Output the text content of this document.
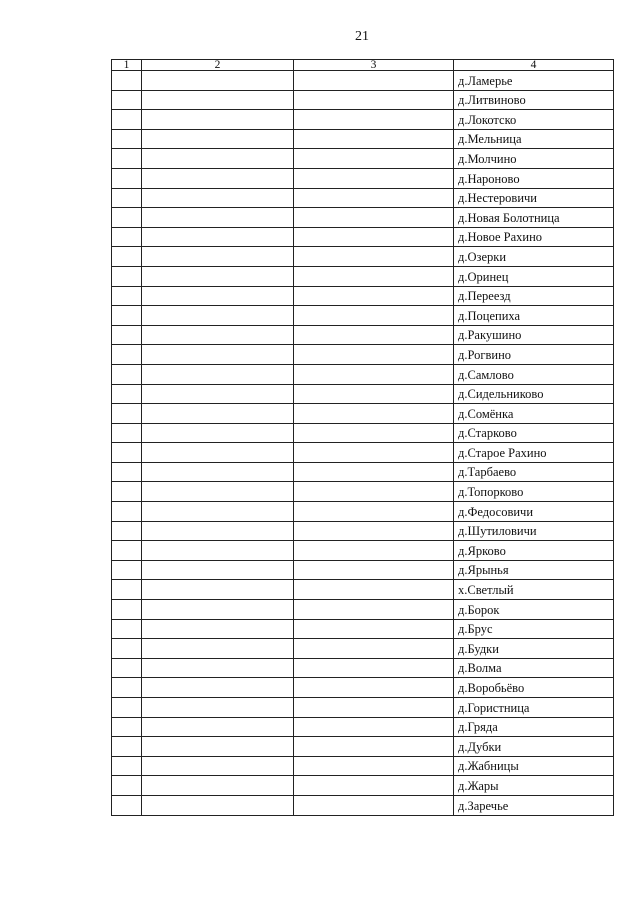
21
1	2	3	4
			д.Ламерье
			д.Литвиново
			д.Локотско
			д.Мельница
			д.Молчино
			д.Нароново
			д.Нестеровичи
			д.Новая Болотница
			д.Новое Рахино
			д.Озерки
			д.Оринец
			д.Переезд
			д.Поцепиха
			д.Ракушино
			д.Рогвино
			д.Самлово
			д.Сидельниково
			д.Сомёнка
			д.Старково
			д.Старое Рахино
			д.Тарбаево
			д.Топорково
			д.Федосовичи
			д.Шутиловичи
			д.Ярково
			д.Ярынья
			х.Светлый
			д.Борок
			д.Брус
			д.Будки
			д.Волма
			д.Воробьёво
			д.Гористница
			д.Гряда
			д.Дубки
			д.Жабницы
			д.Жары
			д.Заречье
